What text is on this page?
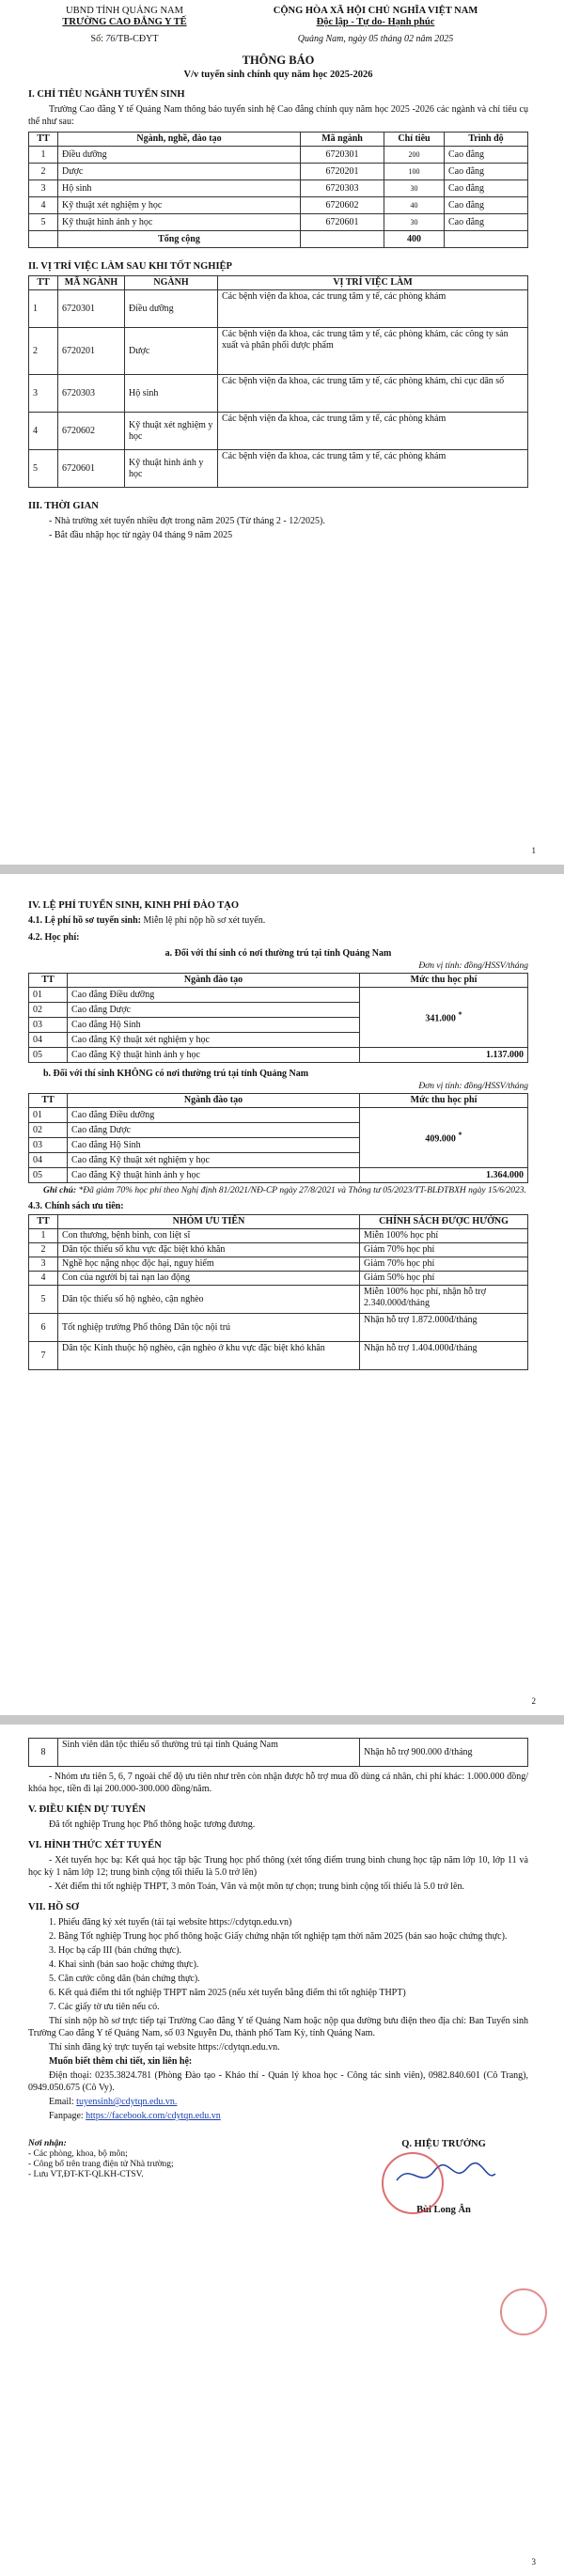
UBND TỈNH QUẢNG NAM
TRƯỜNG CAO ĐẲNG Y TẾ
CỘNG HÒA XÃ HỘI CHỦ NGHĨA VIỆT NAM
Độc lập - Tự do- Hạnh phúc
Số: 76/TB-CĐYT	Quảng Nam, ngày 05 tháng 02 năm 2025
THÔNG BÁO
V/v tuyển sinh chính quy năm học 2025-2026
I. CHỈ TIÊU NGÀNH TUYỂN SINH

Trường Cao đẳng Y tế Quảng Nam thông báo tuyển sinh hệ Cao đẳng chính quy năm học 2025 -2026 các ngành và chỉ tiêu cụ thể như sau:

TT	Ngành, nghề, đào tạo	Mã ngành	Chỉ tiêu	Trình độ
1	Điều dưỡng	6720301	200	Cao đẳng
2	Dược	6720201	100	Cao đẳng
3	Hộ sinh	6720303	30	Cao đẳng
4	Kỹ thuật xét nghiệm y học	6720602	40	Cao đẳng
5	Kỹ thuật hình ảnh y học	6720601	30	Cao đẳng
	Tổng cộng		400	
II. VỊ TRÍ VIỆC LÀM SAU KHI TỐT NGHIỆP
TT	MÃ NGÀNH	NGÀNH	VỊ TRÍ VIỆC LÀM
1	6720301	Điều dưỡng	Các bệnh viện đa khoa, các trung tâm y tế, các phòng khám
2	6720201	Dược	Các bệnh viện đa khoa, các trung tâm y tế, các phòng khám, các công ty sản xuất và phân phối dược phẩm
3	6720303	Hộ sinh	Các bệnh viện đa khoa, các trung tâm y tế, các phòng khám, chi cục dân số
4	6720602	Kỹ thuật xét nghiệm y học	Các bệnh viện đa khoa, các trung tâm y tế, các phòng khám
5	6720601	Kỹ thuật hình ảnh y học	Các bệnh viện đa khoa, các trung tâm y tế, các phòng khám
III. THỜI GIAN

- Nhà trường xét tuyển nhiều đợt trong năm 2025 (Từ tháng 2 - 12/2025).

- Bắt đầu nhập học từ ngày 04 tháng 9 năm 2025

1
IV. LỆ PHÍ TUYỂN SINH, KINH PHÍ ĐÀO TẠO

4.1. Lệ phí hồ sơ tuyển sinh: Miễn lệ phí nộp hồ sơ xét tuyển.

4.2. Học phí:
a. Đối với thí sinh có nơi thường trú tại tỉnh Quảng Nam
Đơn vị tính: đồng/HSSV/tháng
TT	Ngành đào tạo	Mức thu học phí
01	Cao đẳng Điều dưỡng	341.000 *
02	Cao đẳng Dược	
03	Cao đẳng Hộ Sinh	
04	Cao đẳng Kỹ thuật xét nghiệm y học	
05	Cao đẳng Kỹ thuật hình ảnh y học	1.137.000
b. Đối với thí sinh KHÔNG có nơi thường trú tại tỉnh Quảng Nam
Đơn vị tính: đồng/HSSV/tháng
TT	Ngành đào tạo	Mức thu học phí
01	Cao đẳng Điều dưỡng	409.000 *
02	Cao đẳng Dược	
03	Cao đẳng Hộ Sinh	
04	Cao đẳng Kỹ thuật xét nghiệm y học	
05	Cao đẳng Kỹ thuật hình ảnh y học	1.364.000
Ghi chú: *Đã giảm 70% học phí theo Nghị định 81/2021/NĐ-CP ngày 27/8/2021 và Thông tư 05/2023/TT-BLĐTBXH ngày 15/6/2023.
4.3. Chính sách ưu tiên:
TT	NHÓM ƯU TIÊN	CHÍNH SÁCH ĐƯỢC HƯỞNG
1	Con thương, bệnh binh, con liệt sĩ	Miễn 100% học phí
2	Dân tộc thiểu số khu vực đặc biệt khó khăn	Giảm 70% học phí
3	Nghề học nặng nhọc độc hại, nguy hiểm	Giảm 70% học phí
4	Con của người bị tai nạn lao động	Giảm 50% học phí
5	Dân tộc thiểu số hộ nghèo, cận nghèo	Miễn 100% học phí, nhận hỗ trợ 2.340.000đ/tháng
6	Tốt nghiệp trường Phổ thông Dân tộc nội trú	Nhận hỗ trợ 1.872.000đ/tháng
7	Dân tộc Kinh thuộc hộ nghèo, cận nghèo ở khu vực đặc biệt khó khăn	Nhận hỗ trợ 1.404.000đ/tháng
2
8	Sinh viên dân tộc thiểu số thường trú tại tỉnh Quảng Nam	Nhận hỗ trợ 900.000 đ/tháng

- Nhóm ưu tiên 5, 6, 7 ngoài chế độ ưu tiên như trên còn nhận được hỗ trợ mua đồ dùng cá nhân, chi phí khác: 1.000.000 đồng/ khóa học, tiền đi lại 200.000-300.000 đồng/năm.

V. ĐIỀU KIỆN DỰ TUYỂN

Đã tốt nghiệp Trung học Phổ thông hoặc tương đương.

VI. HÌNH THỨC XÉT TUYỂN

- Xét tuyển học bạ: Kết quả học tập bậc Trung học phổ thông (xét tổng điểm trung bình chung học tập năm lớp 10, lớp 11 và học kỳ 1 năm lớp 12; trung bình cộng tối thiểu là 5.0 trở lên)

- Xét điểm thi tốt nghiệp THPT, 3 môn Toán, Văn và một môn tự chọn; trung bình cộng tối thiểu là 5.0 trở lên.

VII. HỒ SƠ

1. Phiếu đăng ký xét tuyển (tải tại website https://cdytqn.edu.vn)

2. Bằng Tốt nghiệp Trung học phổ thông hoặc Giấy chứng nhận tốt nghiệp tạm thời năm 2025 (bản sao hoặc chứng thực).

3. Học bạ cấp III (bản chứng thực).

4. Khai sinh (bản sao hoặc chứng thực).

5. Căn cước công dân (bản chứng thực).

6. Kết quả điểm thi tốt nghiệp THPT năm 2025 (nếu xét tuyển bằng điểm thi tốt nghiệp THPT)

7. Các giấy tờ ưu tiên nếu có.

Thí sinh nộp hồ sơ trực tiếp tại Trường Cao đẳng Y tế Quảng Nam hoặc nộp qua đường bưu điện theo địa chỉ: Ban Tuyển sinh Trường Cao đẳng Y tế Quảng Nam, số 03 Nguyễn Du, thành phố Tam Kỳ, tỉnh Quảng Nam.

Thí sinh đăng ký trực tuyến tại website https://cdytqn.edu.vn.

Muốn biết thêm chi tiết, xin liên hệ:

Điện thoại: 0235.3824.781 (Phòng Đào tạo - Khảo thí - Quản lý khoa học - Công tác sinh viên), 0982.840.601 (Cô Trang), 0949.050.675 (Cô Vy).

Email: tuyensinh@cdytqn.edu.vn.

Fanpage: https://facebook.com/cdytqn.edu.vn

Nơi nhận:
- Các phòng, khoa, bộ môn;
- Công bố trên trang điện tử Nhà trường;
- Lưu VT,ĐT-KT-QLKH-CTSV.
Q. HIỆU TRƯỞNG
Bùi Long Ân
3
